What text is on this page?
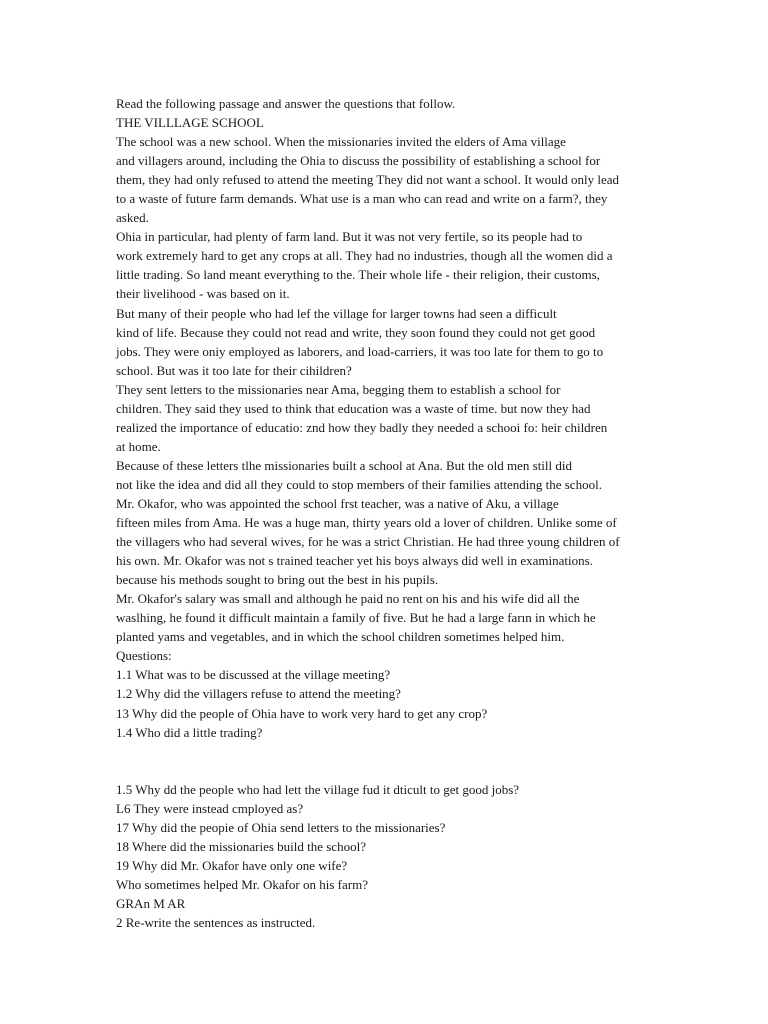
Read the following passage and answer the questions that follow.
THE VILLLAGE SCHOOL
The school was a new school. When the missionaries invited the elders of Ama village
and villagers around, including the Ohia to discuss the possibility of establishing a school for
them, they had only refused to attend the meeting They did not want a school. It would only lead
to a waste of future farm demands. What use is a man who can read and write on a farm?, they
asked.
Ohia in particular, had plenty of farm land. But it was not very fertile, so its people had to
work extremely hard to get any crops at all. They had no industries, though all the women did a
little trading. So land meant everything to the. Their whole life - their religion, their customs,
their livelihood - was based on it.
But many of their people who had lef the village for larger towns had seen a difficult
kind of life. Because they could not read and write, they soon found they could not get good
jobs. They were oniy employed as laborers, and load-carriers, it was too late for them to go to
school. But was it too late for their cihildren?
They sent letters to the missionaries near Ama, begging them to establish a school for
children. They said they used to think that education was a waste of time. but now they had
realized the importance of educatio: znd how they badly they needed a schooi fo: heir children
at home.
Because of these letters tlhe missionaries built a school at Ana. But the old men still did
not like the idea and did all they could to stop members of their families attending the school.
Mr. Okafor, who was appointed the school frst teacher, was a native of Aku, a village
fifteen miles from Ama. He was a huge man, thirty years old a lover of children. Unlike some of
the villagers who had several wives, for he was a strict Christian. He had three young children of
his own. Mr. Okafor was not s trained teacher yet his boys always did well in examinations.
because his methods sought to bring out the best in his pupils.
Mr. Okafor's salary was small and although he paid no rent on his and his wife did all the
waslhing, he found it difficult maintain a family of five. But he had a large farın in which he
planted yams and vegetables, and in which the school children sometimes helped him.
Questions:
1.1 What was to be discussed at the village meeting?
1.2 Why did the villagers refuse to attend the meeting?
13 Why did the people of Ohia have to work very hard to get any crop?
1.4 Who did a little trading?
1.5 Why dd the people who had lett the village fud it dticult to get good jobs?
L6 They were instead cmployed as?
17 Why did the peopie of Ohia send letters to the missionaries?
18 Where did the missionaries build the school?
19 Why did Mr. Okafor have only one wife?
Who sometimes helped Mr. Okafor on his farm?
GRAn M AR
2 Re-write the sentences as instructed.
